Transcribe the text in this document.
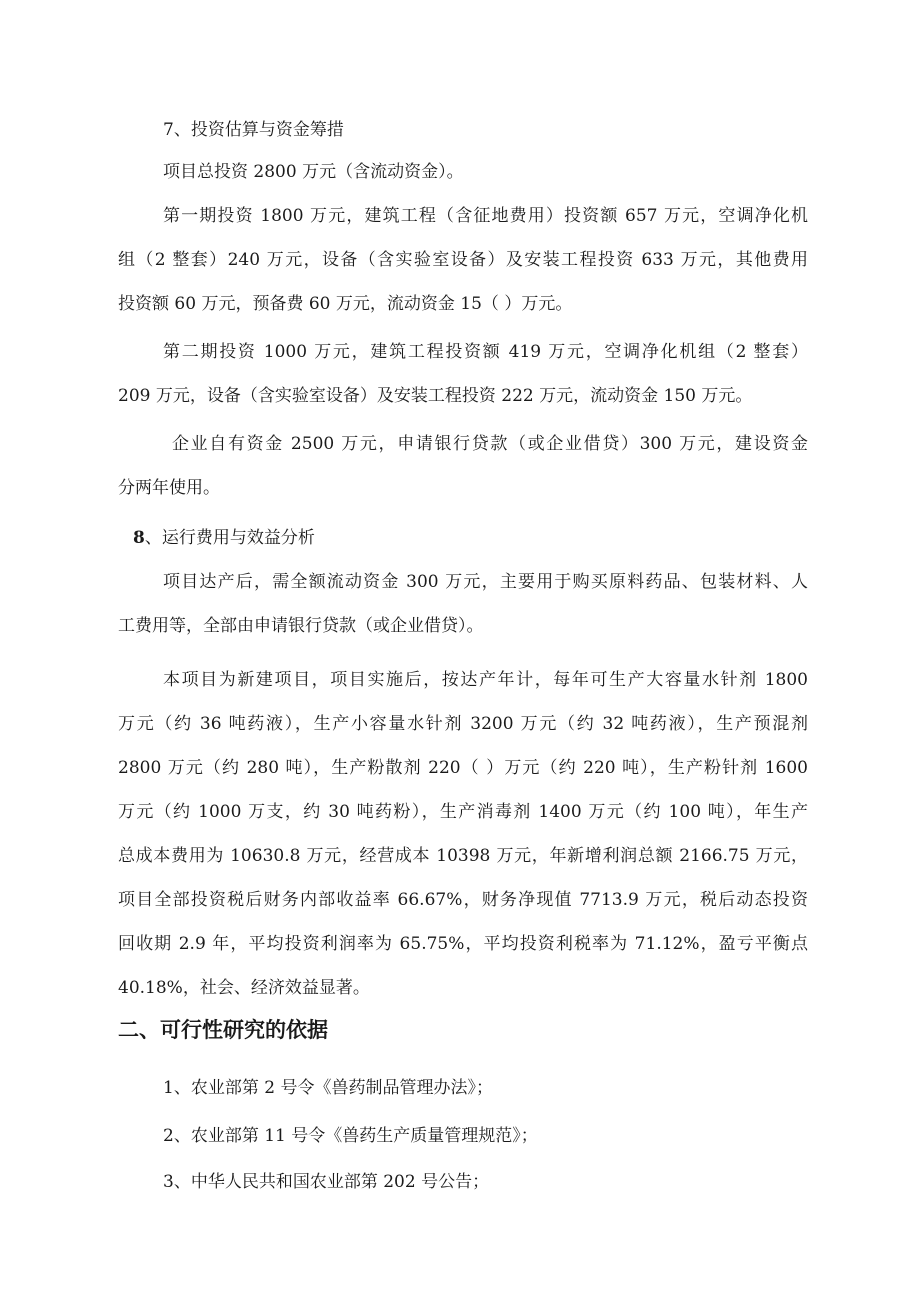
7、投资估算与资金筹措
项目总投资 2800 万元（含流动资金）。
第一期投资 1800 万元，建筑工程（含征地费用）投资额 657 万元，空调净化机
组（2 整套）240 万元，设备（含实验室设备）及安装工程投资 633 万元，其他费用
投资额 60 万元，预备费 60 万元，流动资金 15（ ）万元。
第二期投资 1000 万元，建筑工程投资额 419 万元，空调净化机组（2 整套）
209 万元，设备（含实验室设备）及安装工程投资 222 万元，流动资金 150 万元。
企业自有资金 2500 万元，申请银行贷款（或企业借贷）300 万元，建设资金
分两年使用。
8、运行费用与效益分析
项目达产后，需全额流动资金 300 万元，主要用于购买原料药品、包装材料、人
工费用等，全部由申请银行贷款（或企业借贷）。
本项目为新建项目，项目实施后，按达产年计，每年可生产大容量水针剂 1800
万元（约 36 吨药液），生产小容量水针剂 3200 万元（约 32 吨药液），生产预混剂
2800 万元（约 280 吨），生产粉散剂 220（ ）万元（约 220 吨），生产粉针剂 1600
万元（约 1000 万支，约 30 吨药粉），生产消毒剂 1400 万元（约 100 吨），年生产
总成本费用为 10630.8 万元，经营成本 10398 万元，年新增利润总额 2166.75 万元，
项目全部投资税后财务内部收益率 66.67%，财务净现值 7713.9 万元，税后动态投资
回收期 2.9 年，平均投资利润率为 65.75%，平均投资利税率为 71.12%，盈亏平衡点
40.18%，社会、经济效益显著。
二、可行性研究的依据
1、农业部第 2 号令《兽药制品管理办法》；
2、农业部第 11 号令《兽药生产质量管理规范》；
3、中华人民共和国农业部第 202 号公告；
